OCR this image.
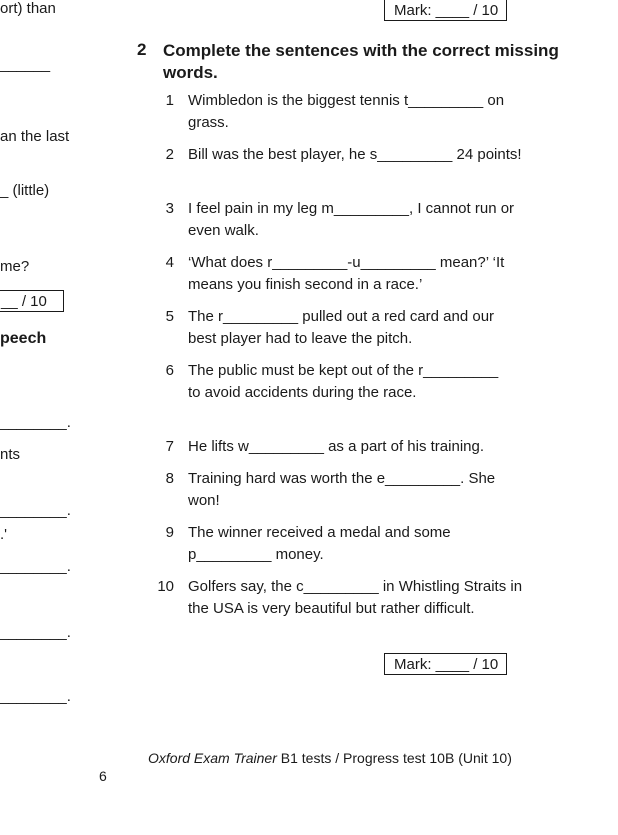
ort) than
______
an the last
_ (little)
me?
__ / 10
peech
________.
nts
________.
.'
________.
________.
________.
Mark: ____ / 10
2 Complete the sentences with the correct missing words.
1 Wimbledon is the biggest tennis t_________ on grass.
2 Bill was the best player, he s_________ 24 points!
3 I feel pain in my leg m_________, I cannot run or even walk.
4 ‘What does r_________-u_________ mean?’ ‘It means you finish second in a race.’
5 The r_________ pulled out a red card and our best player had to leave the pitch.
6 The public must be kept out of the r_________ to avoid accidents during the race.
7 He lifts w_________ as a part of his training.
8 Training hard was worth the e_________. She won!
9 The winner received a medal and some p_________ money.
10 Golfers say, the c_________ in Whistling Straits in the USA is very beautiful but rather difficult.
Mark: ____ / 10
Oxford Exam Trainer B1 tests / Progress test 10B (Unit 10)
6
